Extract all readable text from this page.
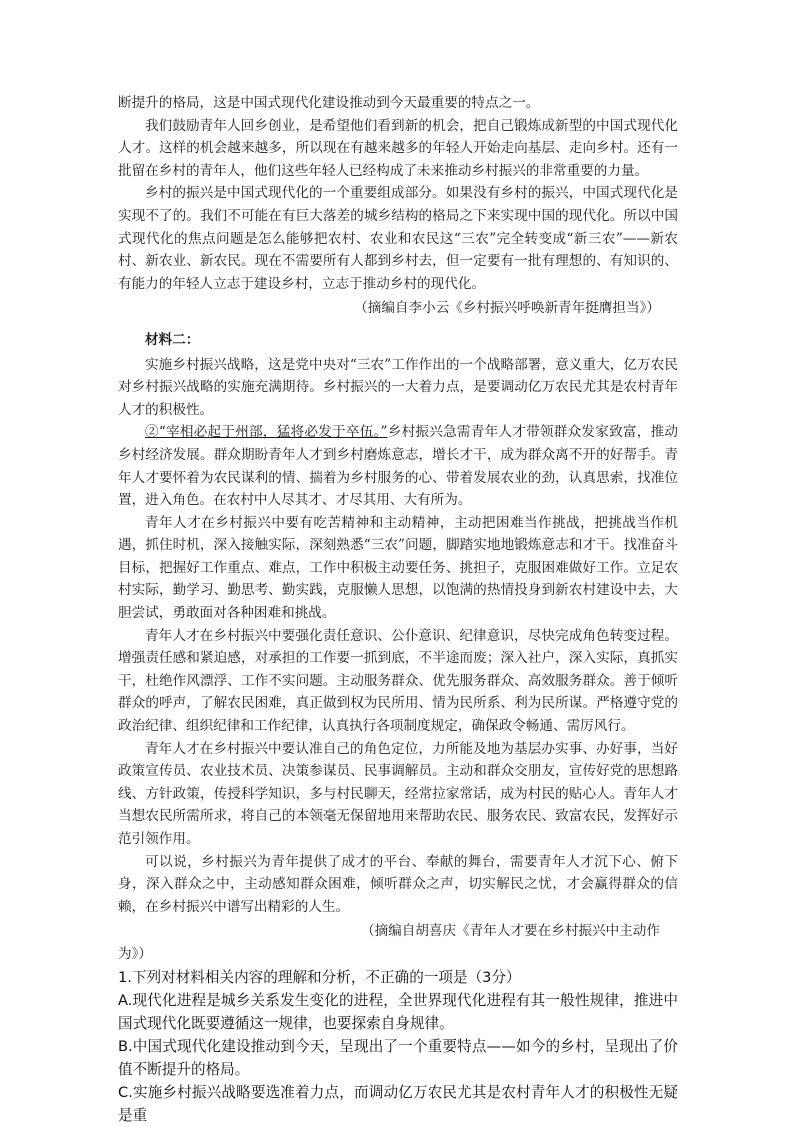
断提升的格局，这是中国式现代化建设推动到今天最重要的特点之一。

我们鼓励青年人回乡创业，是希望他们看到新的机会，把自己锻炼成新型的中国式现代化人才。这样的机会越来越多，所以现在有越来越多的年轻人开始走向基层、走向乡村。还有一批留在乡村的青年人，他们这些年轻人已经构成了未来推动乡村振兴的非常重要的力量。

乡村的振兴是中国式现代化的一个重要组成部分。如果没有乡村的振兴，中国式现代化是实现不了的。我们不可能在有巨大落差的城乡结构的格局之下来实现中国的现代化。所以中国式现代化的焦点问题是怎么能够把农村、农业和农民这“三农”完全转变成“新三农”——新农村、新农业、新农民。现在不需要所有人都到乡村去，但一定要有一批有理想的、有知识的、有能力的年轻人立志于建设乡村，立志于推动乡村的现代化。

（摘编自李小云《乡村振兴呼唤新青年挺膺担当》）

材料二：

实施乡村振兴战略，这是党中央对“三农”工作作出的一个战略部署，意义重大，亿万农民对乡村振兴战略的实施充满期待。乡村振兴的一大着力点，是要调动亿万农民尤其是农村青年人才的积极性。

②“宰相必起于州部，猛将必发于卒伍。”乡村振兴急需青年人才带领群众发家致富，推动乡村经济发展。群众期盼青年人才到乡村磨炼意志，增长才干，成为群众离不开的好帮手。青年人才要怀着为农民谋利的情、揣着为乡村服务的心、带着发展农业的劲，认真思索，找准位置，进入角色。在农村中人尽其才、才尽其用、大有所为。

青年人才在乡村振兴中要有吃苦精神和主动精神，主动把困难当作挑战，把挑战当作机遇，抓住时机，深入接触实际，深刻熟悉“三农”问题，脚踏实地地锻炼意志和才干。找准奋斗目标，把握好工作重点、难点，工作中积极主动要任务、挑担子，克服困难做好工作。立足农村实际，勤学习、勤思考、勤实践，克服懒人思想，以饱满的热情投身到新农村建设中去，大胆尝试，勇敢面对各种困难和挑战。

青年人才在乡村振兴中要强化责任意识、公仆意识、纪律意识，尽快完成角色转变过程。增强责任感和紧迫感，对承担的工作要一抓到底，不半途而废；深入社户，深入实际，真抓实干，杜绝作风漂浮、工作不实问题。主动服务群众、优先服务群众、高效服务群众。善于倾听群众的呼声，了解农民困难，真正做到权为民所用、情为民所系、利为民所谋。严格遵守党的政治纪律、组织纪律和工作纪律，认真执行各项制度规定，确保政令畅通、需厉风行。

青年人才在乡村振兴中要认准自己的角色定位，力所能及地为基层办实事、办好事，当好政策宣传员、农业技术员、决策参谋员、民事调解员。主动和群众交朋友，宣传好党的思想路线、方针政策，传授科学知识，多与村民聊天，经常拉家常话，成为村民的贴心人。青年人才当想农民所需所求，将自己的本领毫无保留地用来帮助农民、服务农民、致富农民，发挥好示范引领作用。

可以说，乡村振兴为青年提供了成才的平台、奉献的舞台，需要青年人才沉下心、俯下身，深入群众之中，主动感知群众困难，倾听群众之声，切实解民之忧，才会赢得群众的信赖，在乡村振兴中谱写出精彩的人生。

（摘编自胡喜庆《青年人才要在乡村振兴中主动作

为》）

1.下列对材料相关内容的理解和分析，不正确的一项是（3分）

A.现代化进程是城乡关系发生变化的进程，全世界现代化进程有其一般性规律，推进中国式现代化既要遵循这一规律，也要探索自身规律。

B.中国式现代化建设推动到今天，呈现出了一个重要特点——如今的乡村，呈现出了价值不断提升的格局。

C.实施乡村振兴战略要选准着力点，而调动亿万农民尤其是农村青年人才的积极性无疑是重
